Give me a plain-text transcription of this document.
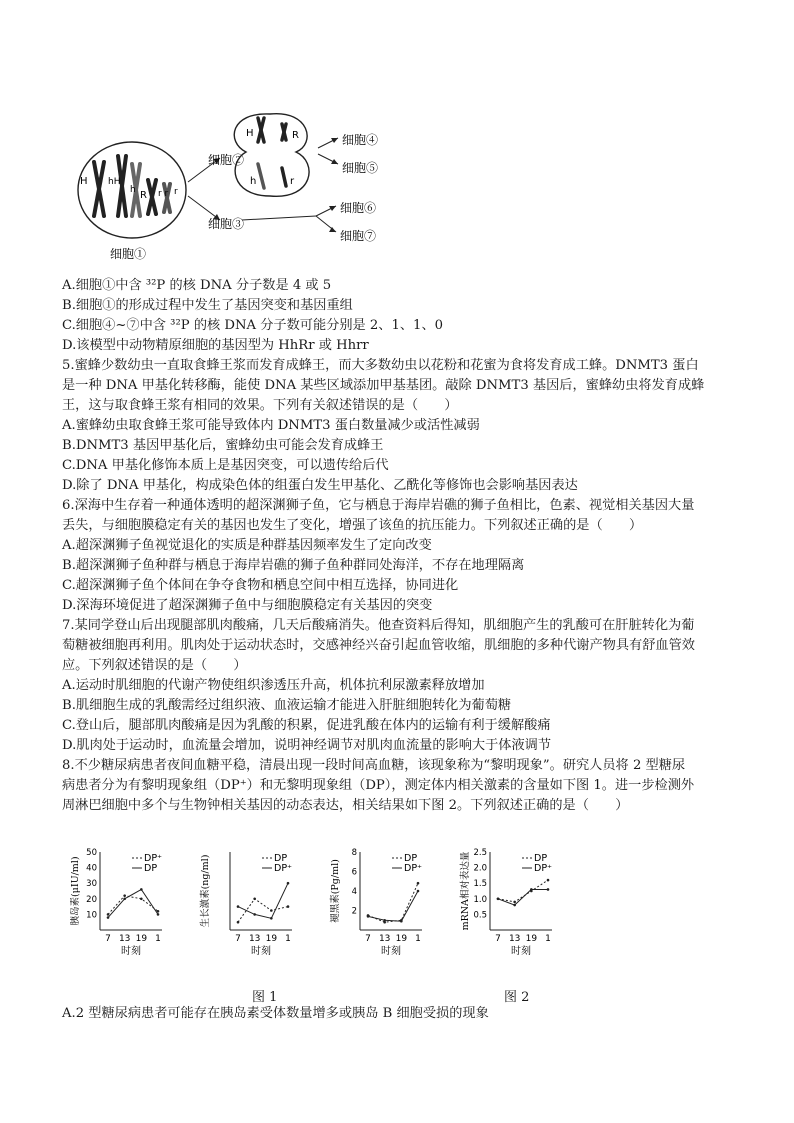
H hH
h R r r r
细胞①
细胞②
细胞③
H	R
h	r
细胞④
细胞⑤
细胞⑥
细胞⑦
A.细胞①中含 ³²P 的核 DNA 分子数是 4 或 5
B.细胞①的形成过程中发生了基因突变和基因重组
C.细胞④~⑦中含 ³²P 的核 DNA 分子数可能分别是 2、1、1、0
D.该模型中动物精原细胞的基因型为 HhRr 或 Hhrr
5.蜜蜂少数幼虫一直取食蜂王浆而发育成蜂王，而大多数幼虫以花粉和花蜜为食将发育成工蜂。DNMT3 蛋白
是一种 DNA 甲基化转移酶，能使 DNA 某些区域添加甲基基团。敲除 DNMT3 基因后，蜜蜂幼虫将发育成蜂
王，这与取食蜂王浆有相同的效果。下列有关叙述错误的是（　　）
A.蜜蜂幼虫取食蜂王浆可能导致体内 DNMT3 蛋白数量减少或活性减弱
B.DNMT3 基因甲基化后，蜜蜂幼虫可能会发育成蜂王
C.DNA 甲基化修饰本质上是基因突变，可以遗传给后代
D.除了 DNA 甲基化，构成染色体的组蛋白发生甲基化、乙酰化等修饰也会影响基因表达
6.深海中生存着一种通体透明的超深渊狮子鱼，它与栖息于海岸岩礁的狮子鱼相比，色素、视觉相关基因大量
丢失，与细胞膜稳定有关的基因也发生了变化，增强了该鱼的抗压能力。下列叙述正确的是（　　）
A.超深渊狮子鱼视觉退化的实质是种群基因频率发生了定向改变
B.超深渊狮子鱼种群与栖息于海岸岩礁的狮子鱼种群同处海洋，不存在地理隔离
C.超深渊狮子鱼个体间在争夺食物和栖息空间中相互选择，协同进化
D.深海环境促进了超深渊狮子鱼中与细胞膜稳定有关基因的突变
7.某同学登山后出现腿部肌肉酸痛，几天后酸痛消失。他查资料后得知，肌细胞产生的乳酸可在肝脏转化为葡
萄糖被细胞再利用。肌肉处于运动状态时，交感神经兴奋引起血管收缩，肌细胞的多种代谢产物具有舒血管效
应。下列叙述错误的是（　　）
A.运动时肌细胞的代谢产物使组织渗透压升高，机体抗利尿激素释放增加
B.肌细胞生成的乳酸需经过组织液、血液运输才能进入肝脏细胞转化为葡萄糖
C.登山后，腿部肌肉酸痛是因为乳酸的积累，促进乳酸在体内的运输有利于缓解酸痛
D.肌肉处于运动时，血流量会增加，说明神经调节对肌肉血流量的影响大于体液调节
8.不少糖尿病患者夜间血糖平稳，清晨出现一段时间高血糖，该现象称为“黎明现象”。研究人员将 2 型糖尿
病患者分为有黎明现象组（DP⁺）和无黎明现象组（DP），测定体内相关激素的含量如下图 1。进一步检测外
周淋巴细胞中多个与生物钟相关基因的动态表达，相关结果如下图 2。下列叙述正确的是（　　）
10
20
30
40
50
7 13 19 1
时刻
胰岛素(μIU/ml)	DP⁺
DP
7 13 19 1
时刻
生长激素(ng/ml)	DP
DP⁺
2
4
6
8
7 13 19 1
时刻
褪黑素(Pg/ml)
DP
DP⁺
0.5
1.0
1.5
2.0
2.5
7 13 19 1
时刻
mRNA相对表达量	DP
DP⁺
图 1	图 2
A.2 型糖尿病患者可能存在胰岛素受体数量增多或胰岛 B 细胞受损的现象
